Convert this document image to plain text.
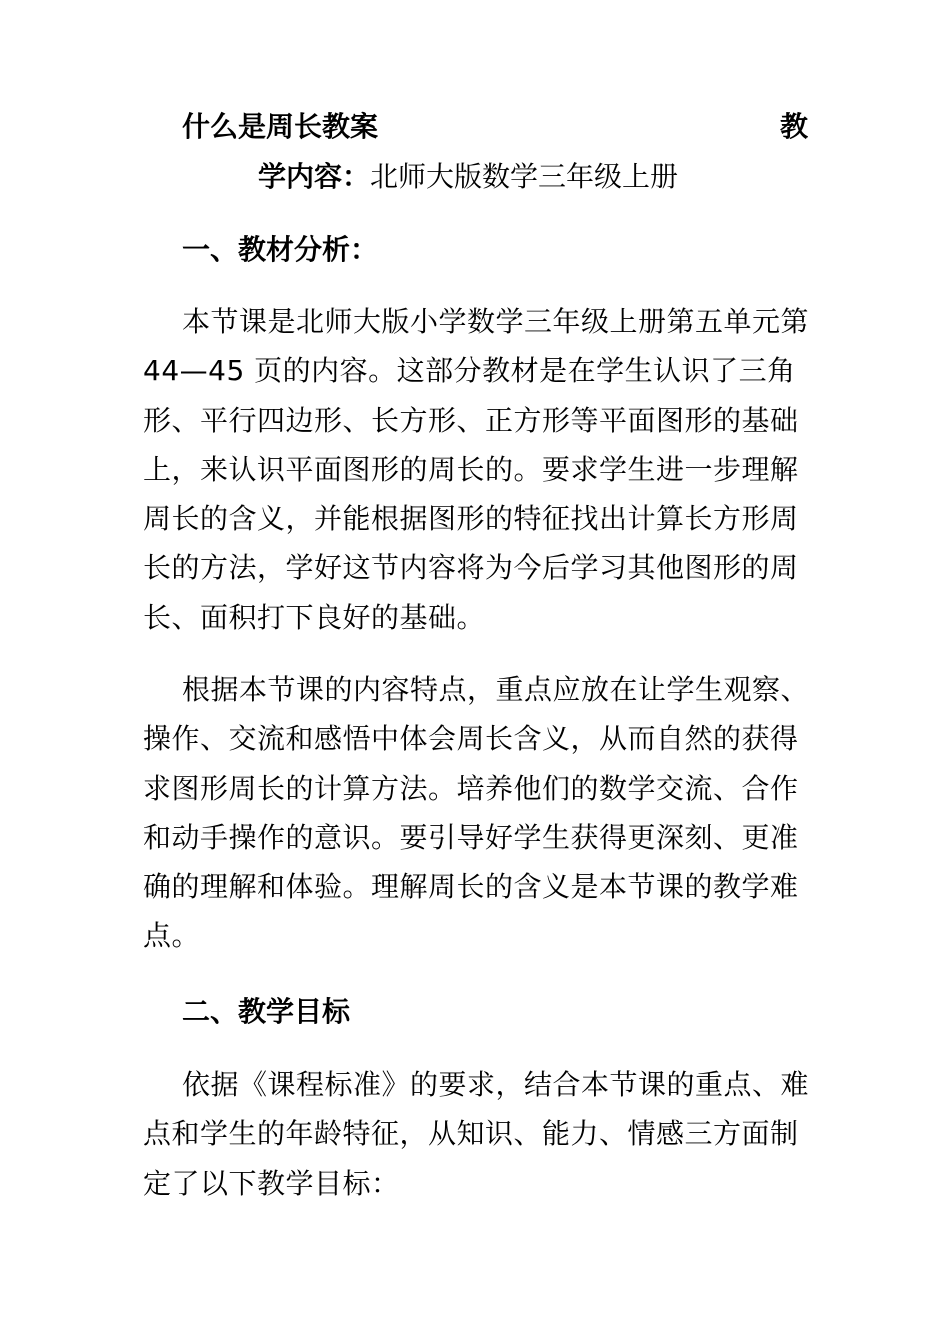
什么是周长教案	教
学内容：北师大版数学三年级上册
一、教材分析：

本节课是北师大版小学数学三年级上册第五单元第 44—45 页的内容。这部分教材是在学生认识了三角形、平行四边形、长方形、正方形等平面图形的基础上，来认识平面图形的周长的。要求学生进一步理解周长的含义，并能根据图形的特征找出计算长方形周长的方法，学好这节内容将为今后学习其他图形的周长、面积打下良好的基础。

根据本节课的内容特点，重点应放在让学生观察、操作、交流和感悟中体会周长含义，从而自然的获得求图形周长的计算方法。培养他们的数学交流、合作和动手操作的意识。要引导好学生获得更深刻、更准确的理解和体验。理解周长的含义是本节课的教学难点。

二、教学目标

依据《课程标准》的要求，结合本节课的重点、难点和学生的年龄特征，从知识、能力、情感三方面制定了以下教学目标：
